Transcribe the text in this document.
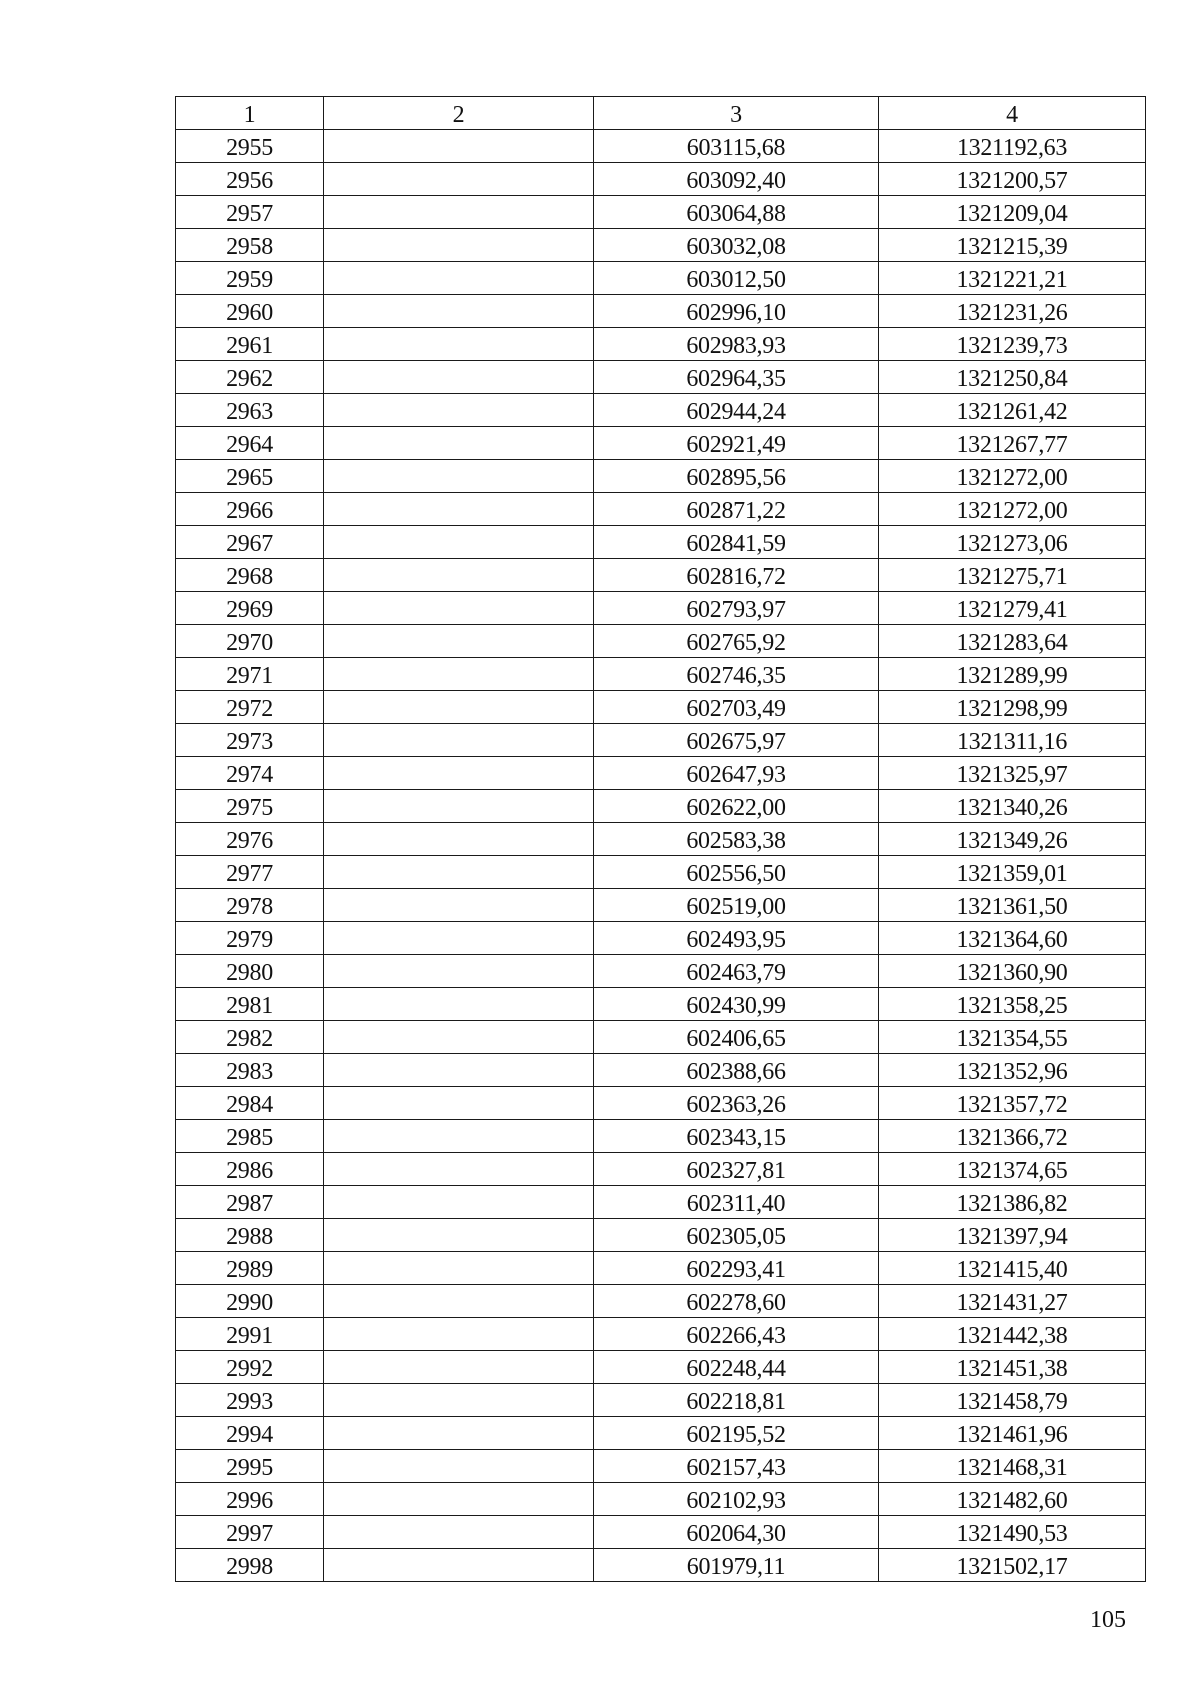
1	2	3	4
2955		603115,68	1321192,63
2956		603092,40	1321200,57
2957		603064,88	1321209,04
2958		603032,08	1321215,39
2959		603012,50	1321221,21
2960		602996,10	1321231,26
2961		602983,93	1321239,73
2962		602964,35	1321250,84
2963		602944,24	1321261,42
2964		602921,49	1321267,77
2965		602895,56	1321272,00
2966		602871,22	1321272,00
2967		602841,59	1321273,06
2968		602816,72	1321275,71
2969		602793,97	1321279,41
2970		602765,92	1321283,64
2971		602746,35	1321289,99
2972		602703,49	1321298,99
2973		602675,97	1321311,16
2974		602647,93	1321325,97
2975		602622,00	1321340,26
2976		602583,38	1321349,26
2977		602556,50	1321359,01
2978		602519,00	1321361,50
2979		602493,95	1321364,60
2980		602463,79	1321360,90
2981		602430,99	1321358,25
2982		602406,65	1321354,55
2983		602388,66	1321352,96
2984		602363,26	1321357,72
2985		602343,15	1321366,72
2986		602327,81	1321374,65
2987		602311,40	1321386,82
2988		602305,05	1321397,94
2989		602293,41	1321415,40
2990		602278,60	1321431,27
2991		602266,43	1321442,38
2992		602248,44	1321451,38
2993		602218,81	1321458,79
2994		602195,52	1321461,96
2995		602157,43	1321468,31
2996		602102,93	1321482,60
2997		602064,30	1321490,53
2998		601979,11	1321502,17
105
